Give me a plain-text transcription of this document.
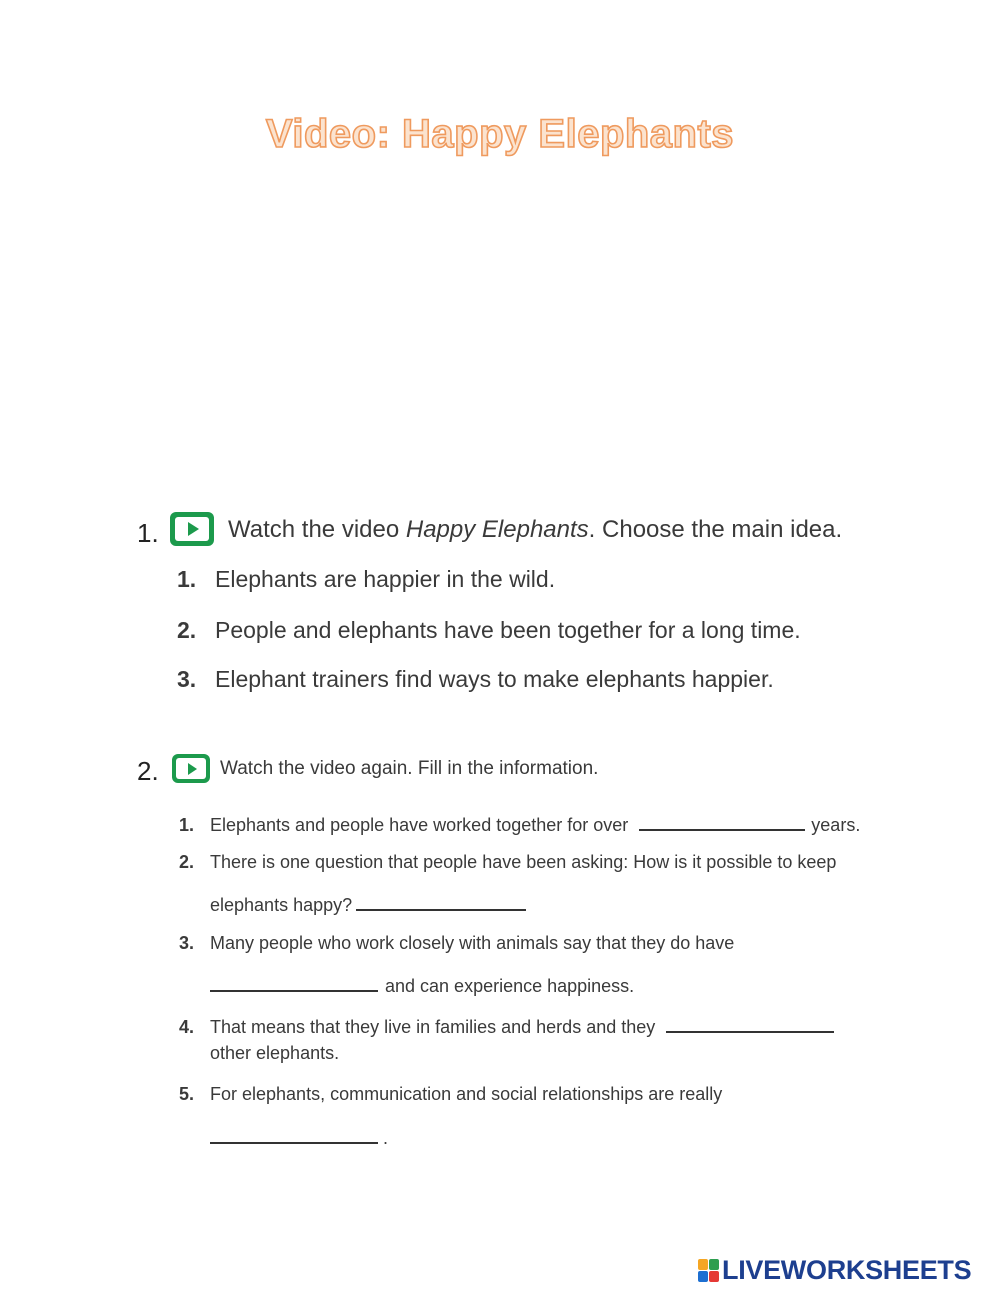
Video: Happy Elephants
1.	Watch the video Happy Elephants. Choose the main idea.
1. Elephants are happier in the wild.
2. People and elephants have been together for a long time.
3. Elephant trainers find ways to make elephants happier.
2.	Watch the video again. Fill in the information.
1. Elephants and people have worked together for over	years.
2. There is one question that people have been asking: How is it possible to keep
elephants happy?
3. Many people who work closely with animals say that they do have
and can experience happiness.
4. That means that they live in families and herds and they
other elephants.
5. For elephants, communication and social relationships are really
.
LIVEWORKSHEETS
